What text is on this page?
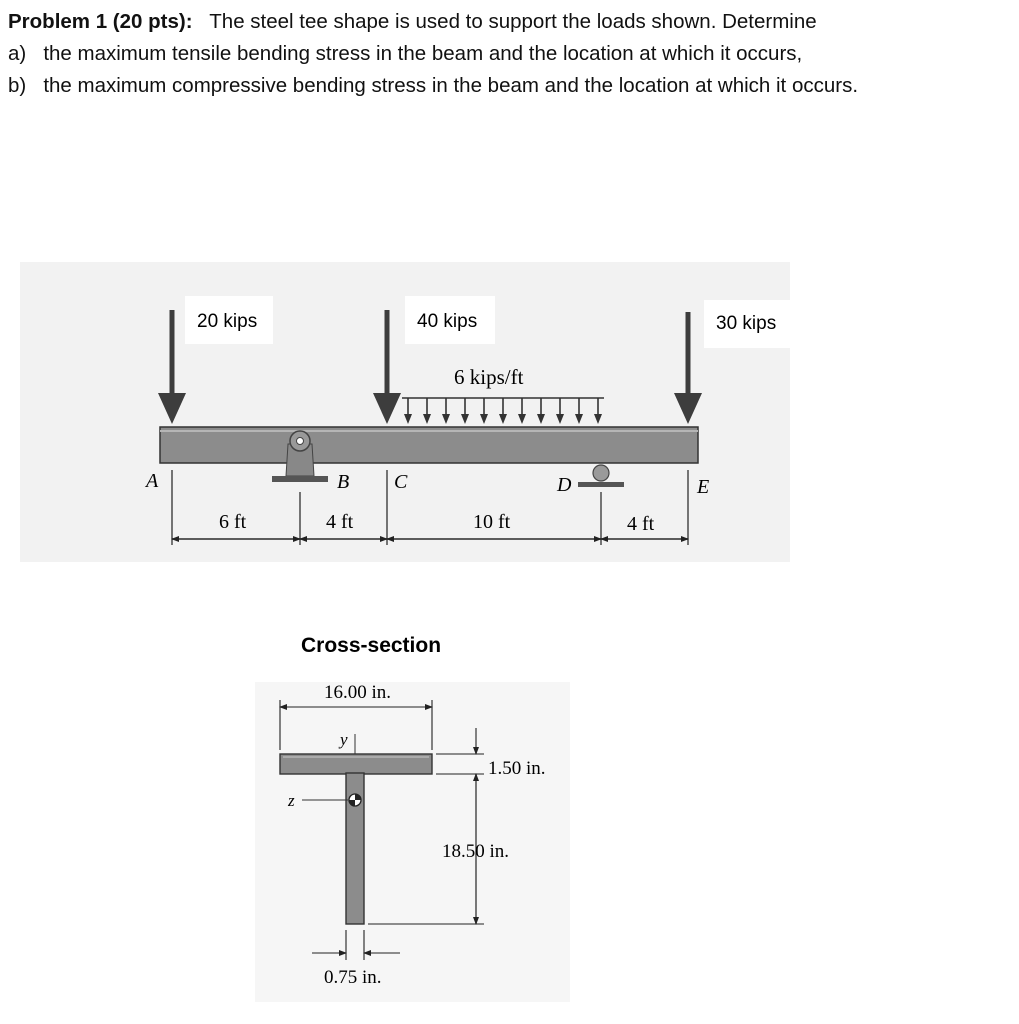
Problem 1 (20 pts): The steel tee shape is used to support the loads shown. Determine
a) the maximum tensile bending stress in the beam and the location at which it occurs,
b) the maximum compressive bending stress in the beam and the location at which it occurs.
20 kips	40 kips	30 kips
6 kips/ft
A	B C	D	E
6 ft	4 ft	10 ft	4 ft
Cross-section
y
z
16.00 in.
1.50 in.
18.50 in.
0.75 in.
